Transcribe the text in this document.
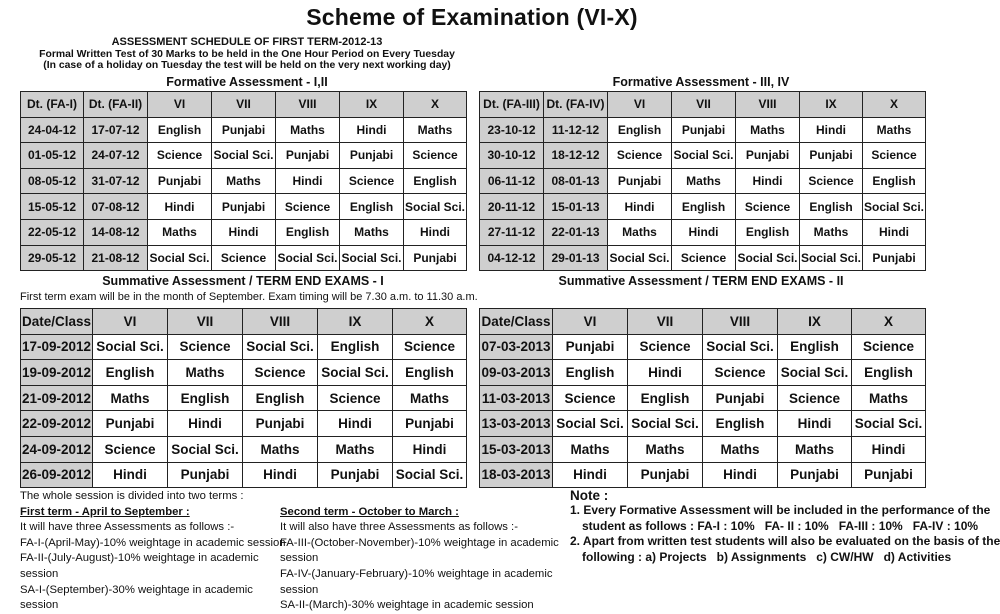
Scheme of Examination (VI-X)
ASSESSMENT SCHEDULE OF FIRST TERM-2012-13
Formal Written Test of 30 Marks to be held in the One Hour Period on Every Tuesday
(In case of a holiday on Tuesday the test will be held on the very next working day)
Formative Assessment - I,II
Dt. (FA-I)	Dt. (FA-II)	VI	VII	VIII	IX	X
24-04-12	17-07-12	English	Punjabi	Maths	Hindi	Maths
01-05-12	24-07-12	Science	Social Sci.	Punjabi	Punjabi	Science
08-05-12	31-07-12	Punjabi	Maths	Hindi	Science	English
15-05-12	07-08-12	Hindi	Punjabi	Science	English	Social Sci.
22-05-12	14-08-12	Maths	Hindi	English	Maths	Hindi
29-05-12	21-08-12	Social Sci.	Science	Social Sci.	Social Sci.	Punjabi
Formative Assessment - III, IV
Dt. (FA-III)	Dt. (FA-IV)	VI	VII	VIII	IX	X
23-10-12	11-12-12	English	Punjabi	Maths	Hindi	Maths
30-10-12	18-12-12	Science	Social Sci.	Punjabi	Punjabi	Science
06-11-12	08-01-13	Punjabi	Maths	Hindi	Science	English
20-11-12	15-01-13	Hindi	English	Science	English	Social Sci.
27-11-12	22-01-13	Maths	Hindi	English	Maths	Hindi
04-12-12	29-01-13	Social Sci.	Science	Social Sci.	Social Sci.	Punjabi
Summative Assessment / TERM END EXAMS - I
First term exam will be in the month of September. Exam timing will be 7.30 a.m. to 11.30 a.m.
Date/Class	VI	VII	VIII	IX	X
17-09-2012	Social Sci.	Science	Social Sci.	English	Science
19-09-2012	English	Maths	Science	Social Sci.	English
21-09-2012	Maths	English	English	Science	Maths
22-09-2012	Punjabi	Hindi	Punjabi	Hindi	Punjabi
24-09-2012	Science	Social Sci.	Maths	Maths	Hindi
26-09-2012	Hindi	Punjabi	Hindi	Punjabi	Social Sci.
Summative Assessment / TERM END EXAMS - II
Date/Class	VI	VII	VIII	IX	X
07-03-2013	Punjabi	Science	Social Sci.	English	Science
09-03-2013	English	Hindi	Science	Social Sci.	English
11-03-2013	Science	English	Punjabi	Science	Maths
13-03-2013	Social Sci.	Social Sci.	English	Hindi	Social Sci.
15-03-2013	Maths	Maths	Maths	Maths	Hindi
18-03-2013	Hindi	Punjabi	Hindi	Punjabi	Punjabi
The whole session is divided into two terms :
First term - April to September :
It will have three Assessments as follows :-
FA-I-(April-May)-10% weightage in academic session
FA-II-(July-August)-10% weightage in academic session
SA-I-(September)-30% weightage in academic session
Second term - October to March :
It will also have three Assessments as follows :-
FA-III-(October-November)-10% weightage in academic session
FA-IV-(January-February)-10% weightage in academic session
SA-II-(March)-30% weightage in academic session
Note :
1. Every Formative Assessment will be included in the performance of the
student as follows : FA-I : 10%   FA- II : 10%   FA-III : 10%   FA-IV : 10%
2. Apart from written test students will also be evaluated on the basis of the
following : a) Projects   b) Assignments   c) CW/HW   d) Activities
